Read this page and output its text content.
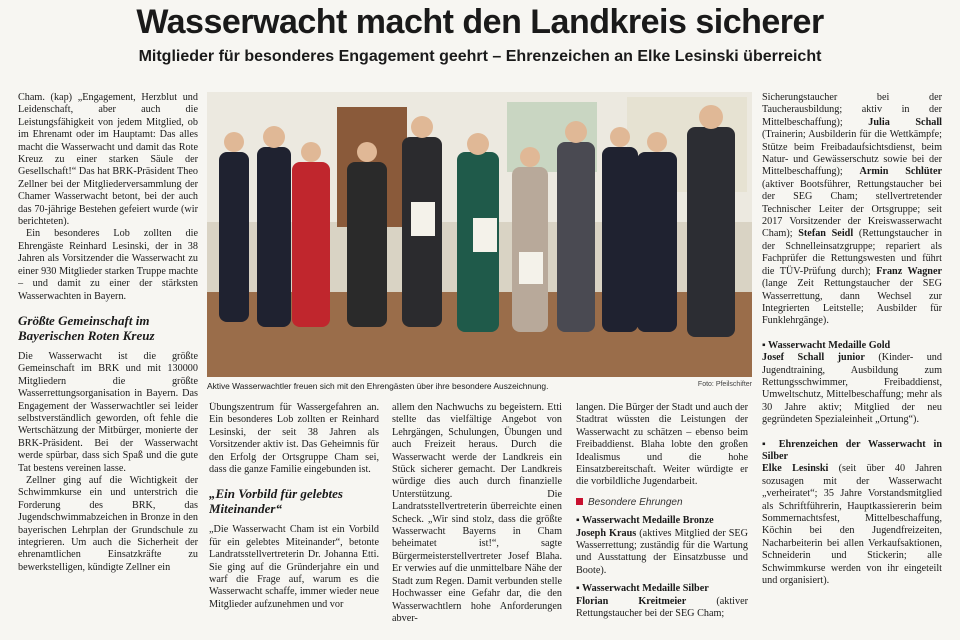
Wasserwacht macht den Landkreis sicherer
Mitglieder für besonderes Engagement geehrt – Ehrenzeichen an Elke Lesinski überreicht

Cham. (kap) „Engagement, Herzblut und Leidenschaft, aber auch die Leistungsfähigkeit von jedem Mitglied, ob im Ehrenamt oder im Hauptamt: Das alles macht die Wasserwacht und damit das Rote Kreuz zu einer starken Säule der Gesellschaft!“ Das hat BRK-Präsident Theo Zellner bei der Mitgliederversammlung der Chamer Wasserwacht betont, bei der auch das 70-jährige Bestehen gefeiert wurde (wir berichteten).

Ein besonderes Lob zollten die Ehrengäste Reinhard Lesinski, der in 38 Jahren als Vorsitzender die Wasserwacht zu einer 930 Mitglieder starken Truppe machte – und damit zu einer der stärksten Wasserwachten in Bayern.

Größte Gemeinschaft im Bayerischen Roten Kreuz

Die Wasserwacht ist die größte Gemeinschaft im BRK und mit 130000 Mitgliedern die größte Wasserrettungsorganisation in Bayern. Das Engagement der Wasserwachtler sei leider selbstverständlich geworden, oft fehle die Wertschätzung der Mitbürger, monierte der BRK-Präsident. Bei der Wasserwacht werde spürbar, dass sich Spaß und die gute Tat bestens vereinen lasse.

Zellner ging auf die Wichtigkeit der Schwimmkurse ein und unterstrich die Forderung des BRK, das Jugendschwimmabzeichen in Bronze in den bayerischen Lehrplan der Grundschule zu integrieren. Um auch die Sicherheit der ehrenamtlichen Einsatzkräfte zu bewerkstelligen, kündigte Zellner ein

Aktive Wasserwachtler freuen sich mit den Ehrengästen über ihre besondere Auszeichnung.	Foto: Pfeilschifter

Übungszentrum für Wassergefahren an. Ein besonderes Lob zollten er Reinhard Lesinski, der seit 38 Jahren als Vorsitzender aktiv ist. Das Geheimnis für den Erfolg der Ortsgruppe Cham sei, dass die ganze Familie eingebunden ist.

„Ein Vorbild für gelebtes Miteinander“

„Die Wasserwacht Cham ist ein Vorbild für ein gelebtes Miteinander“, betonte Landratsstellvertreterin Dr. Johanna Etti. Sie ging auf die Gründerjahre ein und warf die Frage auf, warum es die Wasserwacht schaffe, immer wieder neue Mitglieder aufzunehmen und vor

allem den Nachwuchs zu begeistern. Etti stellte das vielfältige Angebot von Lehrgängen, Schulungen, Übungen und auch Freizeit heraus. Durch die Wasserwacht werde der Landkreis ein Stück sicherer gemacht. Der Landkreis würdige dies auch durch finanzielle Unterstützung. Die Landratsstellvertreterin überreichte einen Scheck. „Wir sind stolz, dass die größte Wasserwacht Bayerns in Cham beheimatet ist!“, sagte Bürgermeisterstellvertreter Josef Blaha. Er verwies auf die unmittelbare Nähe der Stadt zum Regen. Damit verbunden stelle Hochwasser eine Gefahr dar, die den Wasserwachtlern hohe Anforderungen abver-

langen. Die Bürger der Stadt und auch der Stadtrat wüssten die Leistungen der Wasserwacht zu schätzen – ebenso beim Freibaddienst. Blaha lobte den großen Idealismus und die hohe Einsatzbereitschaft. Weiter würdigte er die vorbildliche Jugendarbeit.

Besondere Ehrungen
▪ Wasserwacht Medaille Bronze
Joseph Kraus (aktives Mitglied der SEG Wasserrettung; zuständig für die Wartung und Ausstattung der Einsatzbusse und Boote).
▪ Wasserwacht Medaille Silber
Florian Kreitmeier (aktiver Rettungstaucher bei der SEG Cham;
Sicherungstaucher bei der Taucherausbildung; aktiv in der Mittelbeschaffung); Julia Schall (Trainerin; Ausbilderin für die Wettkämpfe; Stütze beim Freibadaufsichtsdienst, beim Natur- und Gewässerschutz sowie bei der Mittelbeschaffung); Armin Schlüter (aktiver Bootsführer, Rettungstaucher bei der SEG Cham; stellvertretender Technischer Leiter der Ortsgruppe; seit 2017 Vorsitzender der Kreiswasserwacht Cham); Stefan Seidl (Rettungstaucher in der Schnelleinsatzgruppe; repariert als Fachprüfer die Rettungswesten und führt die TÜV-Prüfung durch); Franz Wagner (lange Zeit Rettungstaucher der SEG Wasserrettung, dann Wechsel zur Integrierten Leitstelle; Ausbilder für Funklehrgänge).
▪ Wasserwacht Medaille Gold
Josef Schall junior (Kinder- und Jugendtraining, Ausbildung zum Rettungsschwimmer, Freibaddienst, Umweltschutz, Mittelbeschaffung; mehr als 30 Jahre aktiv; Mitglied der neu gegründeten Spezialeinheit „Ortung“).
▪ Ehrenzeichen der Wasserwacht in Silber
Elke Lesinski (seit über 40 Jahren sozusagen mit der Wasserwacht „verheiratet“; 35 Jahre Vorstandsmitglied als Schriftführerin, Hauptkassiererin beim Sommernachtsfest, Mittelbeschaffung, Köchin bei den Jugendfreizeiten, Nacharbeiterin bei allen Verkaufsaktionen, Schneiderin und Stickerin; alle Schwimmkurse werden von ihr eingeteilt und organisiert).
